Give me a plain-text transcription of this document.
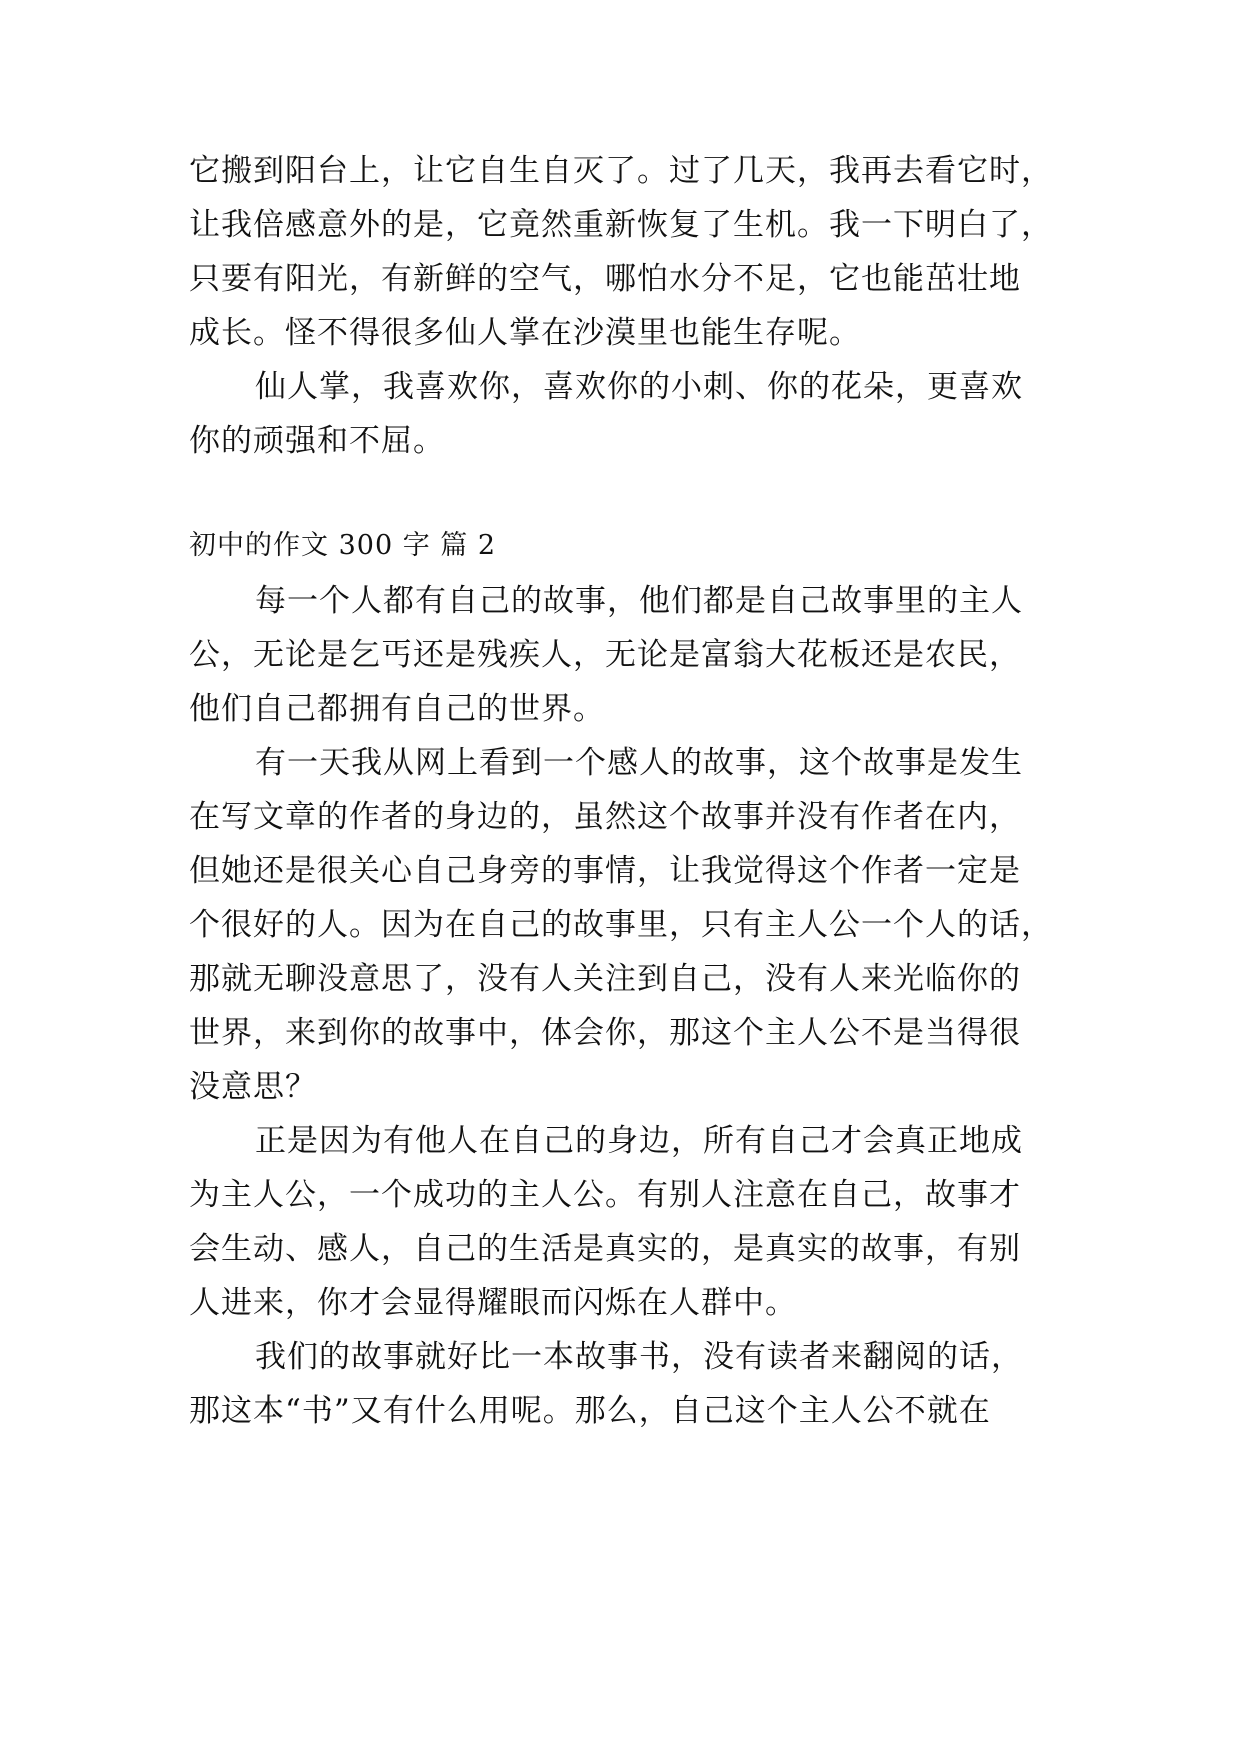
它搬到阳台上，让它自生自灭了。过了几天，我再去看它时，
让我倍感意外的是，它竟然重新恢复了生机。我一下明白了，
只要有阳光，有新鲜的空气，哪怕水分不足，它也能茁壮地
成长。怪不得很多仙人掌在沙漠里也能生存呢。
仙人掌，我喜欢你，喜欢你的小刺、你的花朵，更喜欢
你的顽强和不屈。
初中的作文 300 字 篇 2
每一个人都有自己的故事，他们都是自己故事里的主人
公，无论是乞丐还是残疾人，无论是富翁大花板还是农民，
他们自己都拥有自己的世界。
有一天我从网上看到一个感人的故事，这个故事是发生
在写文章的作者的身边的，虽然这个故事并没有作者在内，
但她还是很关心自己身旁的事情，让我觉得这个作者一定是
个很好的人。因为在自己的故事里，只有主人公一个人的话，
那就无聊没意思了，没有人关注到自己，没有人来光临你的
世界，来到你的故事中，体会你，那这个主人公不是当得很
没意思？
正是因为有他人在自己的身边，所有自己才会真正地成
为主人公，一个成功的主人公。有别人注意在自己，故事才
会生动、感人，自己的生活是真实的，是真实的故事，有别
人进来，你才会显得耀眼而闪烁在人群中。
我们的故事就好比一本故事书，没有读者来翻阅的话，
那这本“书”又有什么用呢。那么，自己这个主人公不就在
